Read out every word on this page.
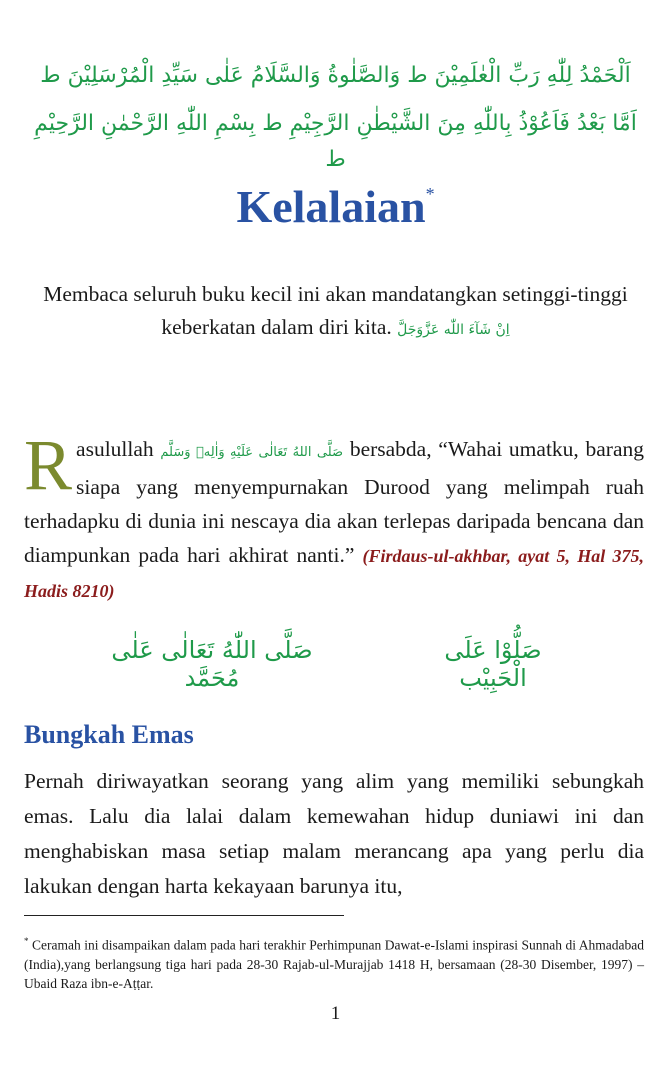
اَلْحَمْدُ لِلّٰهِ رَبِّ الْعٰلَمِيْنَ ط وَالصَّلٰوةُ وَالسَّلَامُ عَلٰى سَيِّدِ الْمُرْسَلِيْنَ ط
اَمَّا بَعْدُ فَاَعُوْذُ بِاللّٰهِ مِنَ الشَّيْطٰنِ الرَّجِيْمِ ط بِسْمِ اللّٰهِ الرَّحْمٰنِ الرَّحِيْمِ ط
Kelalaian*
Membaca seluruh buku kecil ini akan mandatangkan setinggi-tinggi keberkatan dalam diri kita. اِنْ شَآءَ اللّٰه عَزَّوَجَلَّ
Rasulullah صَلَّى اللهُ تَعَالٰى عَلَيْهِ وَاٰلِهٖ وَسَلَّم bersabda, “Wahai umatku, barang siapa yang menyempurnakan Durood yang melimpah ruah terhadapku di dunia ini nescaya dia akan terlepas daripada bencana dan diampunkan pada hari akhirat nanti.” (Firdaus-ul-akhbar, ayat 5, Hal 375, Hadis 8210)
صَلَّى اللّٰهُ تَعَالٰى عَلٰى مُحَمَّد
صَلُّوْا عَلَى الْحَبِيْب
Bungkah Emas
Pernah diriwayatkan seorang yang alim yang memiliki sebungkah emas. Lalu dia lalai dalam kemewahan hidup duniawi ini dan menghabiskan masa setiap malam merancang apa yang perlu dia lakukan dengan harta kekayaan barunya itu,
* Ceramah ini disampaikan dalam pada hari terakhir Perhimpunan Dawat-e-Islami inspirasi Sunnah di Ahmadabad (India),yang berlangsung tiga hari pada 28-30 Rajab-ul-Murajjab 1418 H, bersamaan (28-30 Disember, 1997) – Ubaid Raza ibn-e-Aṭṭar.
1
